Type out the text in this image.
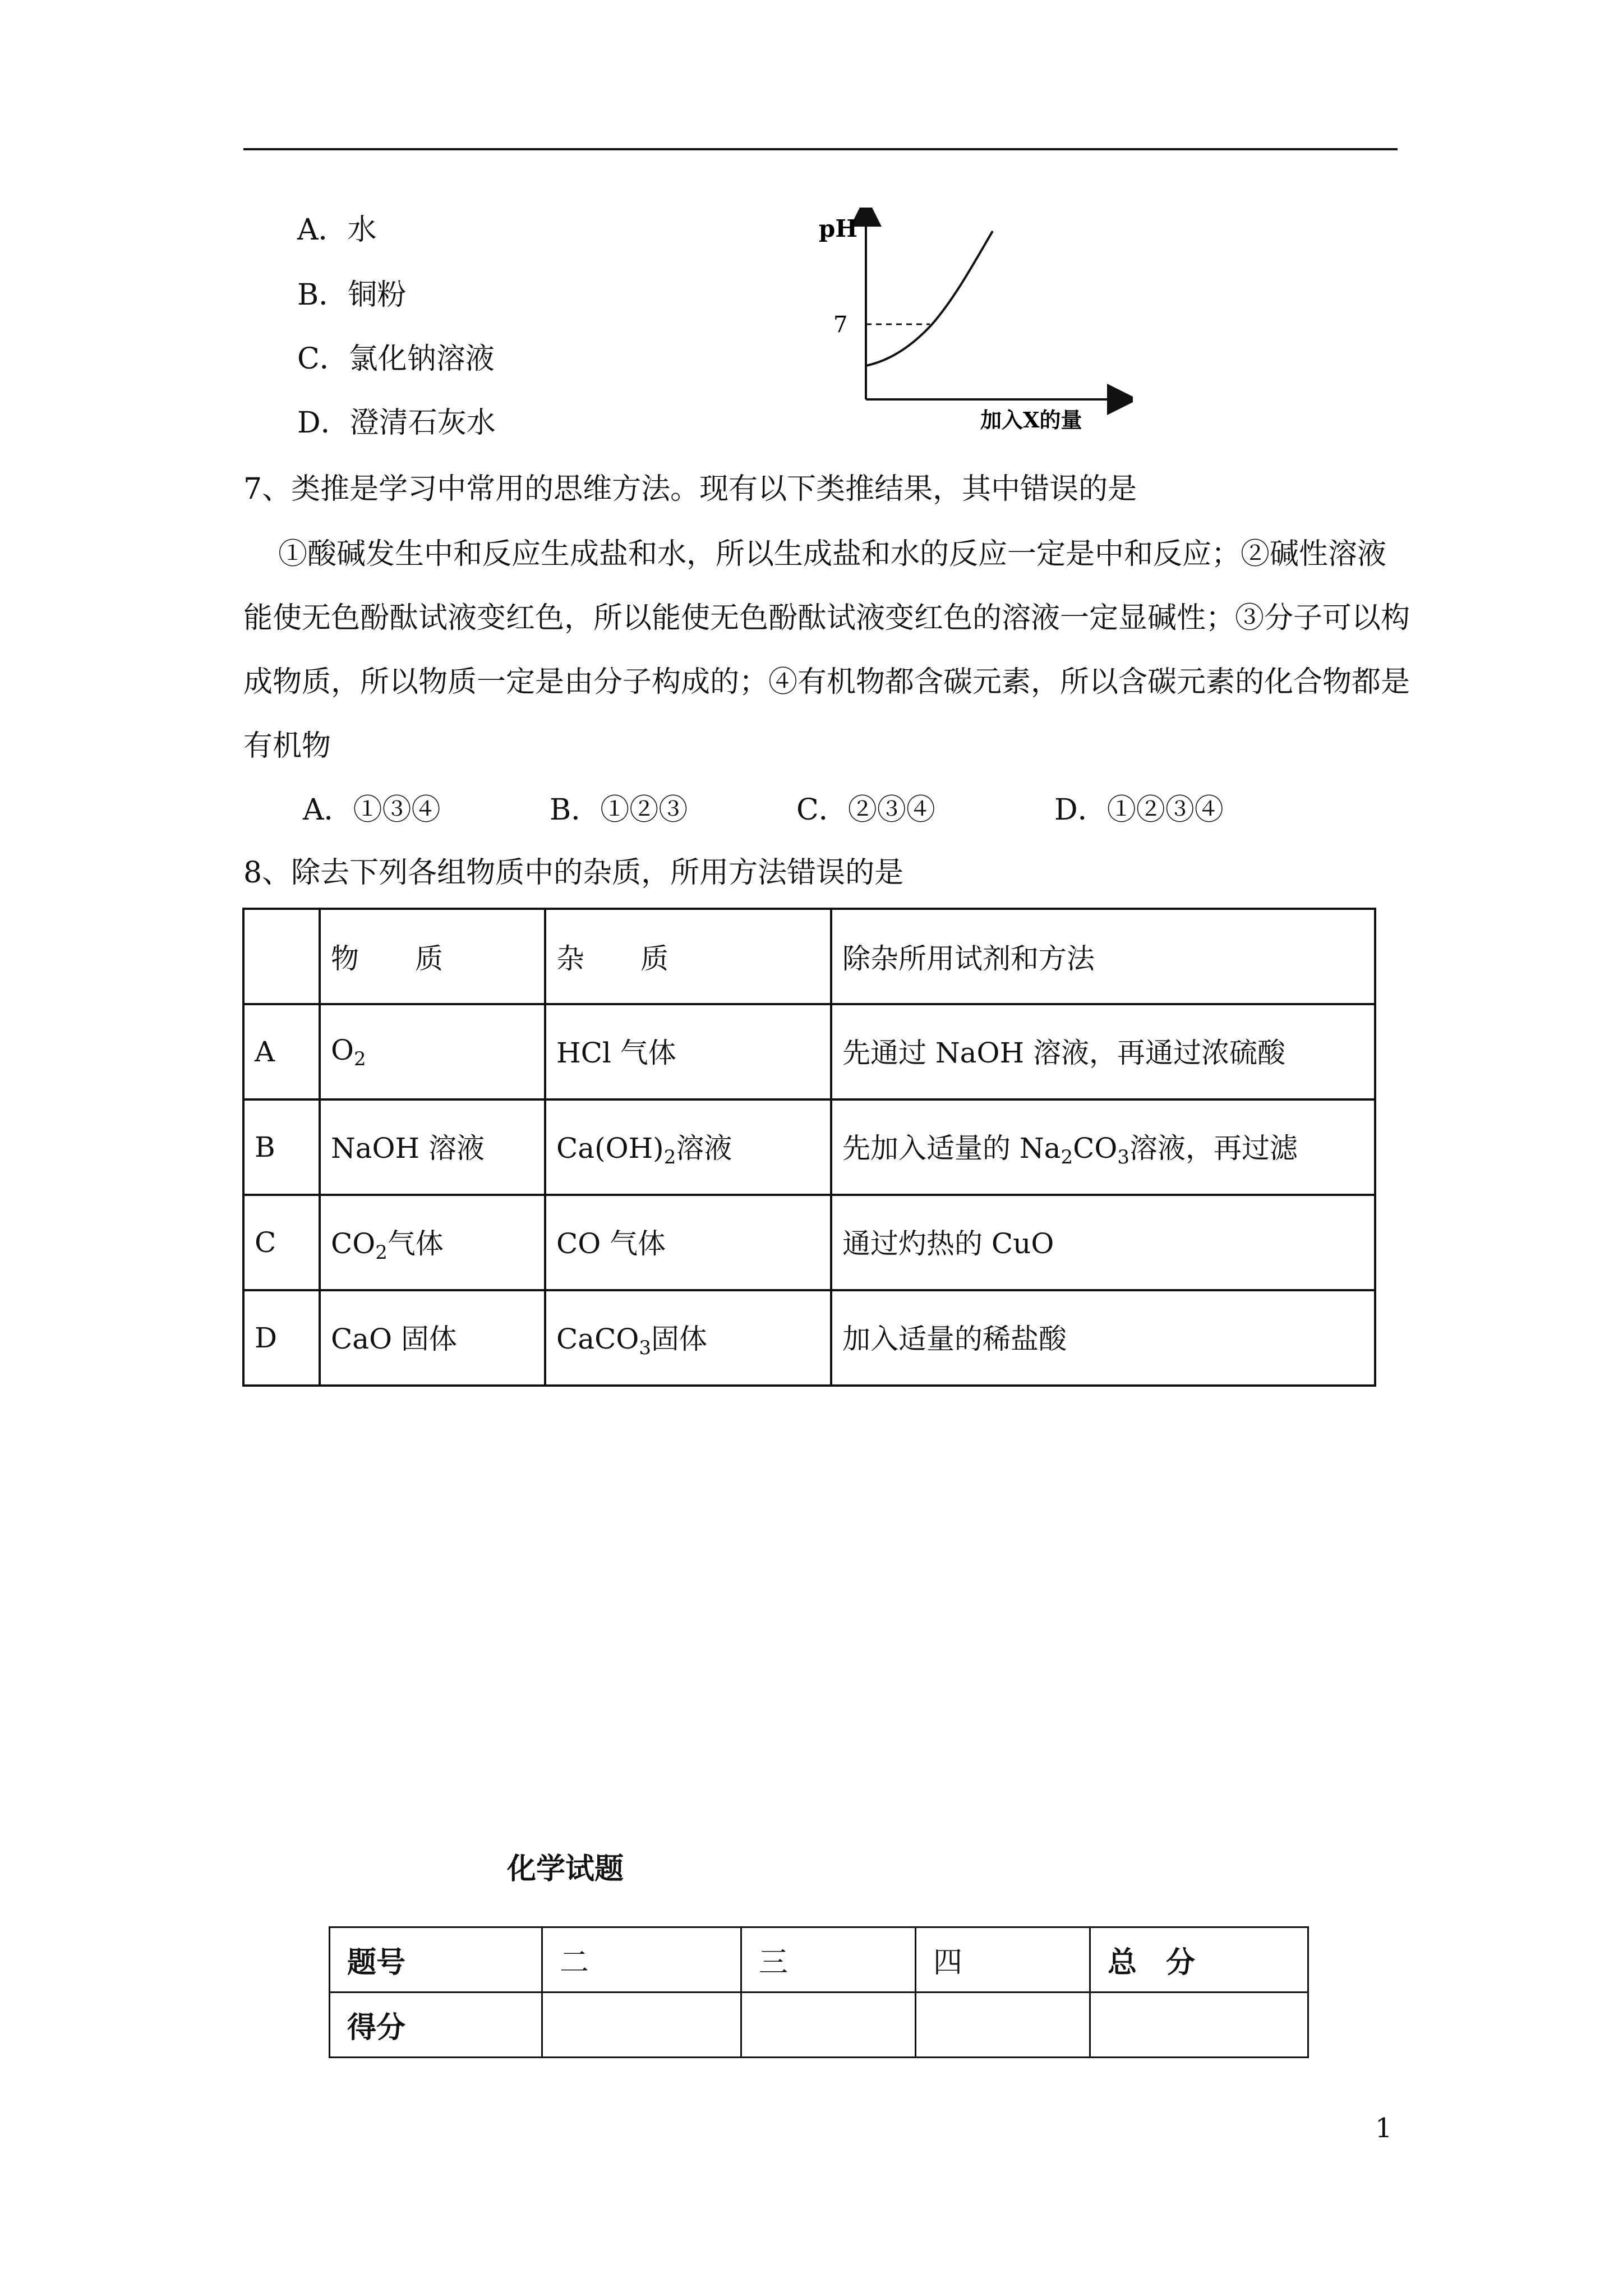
A．水
B．铜粉
C．氯化钠溶液
D．澄清石灰水
pH
7
加入X的量
7、类推是学习中常用的思维方法。现有以下类推结果，其中错误的是
①酸碱发生中和反应生成盐和水，所以生成盐和水的反应一定是中和反应；②碱性溶液
能使无色酚酞试液变红色，所以能使无色酚酞试液变红色的溶液一定显碱性；③分子可以构
成物质，所以物质一定是由分子构成的；④有机物都含碳元素，所以含碳元素的化合物都是
有机物
A．①③④	B．①②③	C．②③④	D．①②③④
8、除去下列各组物质中的杂质，所用方法错误的是
	物　　质	杂　　质	除杂所用试剂和方法
A	$O_2$	HCl 气体	先通过 NaOH 溶液，再通过浓硫酸
B	NaOH 溶液	$Ca(OH)_2$溶液	先加入适量的 $Na_2CO_3$溶液，再过滤
C	$CO_2$气体	CO 气体	通过灼热的 CuO
D	CaO 固体	CaCO$_3$固体	加入适量的稀盐酸
化学试题
题号	二	三	四	总　分
得分				
1
